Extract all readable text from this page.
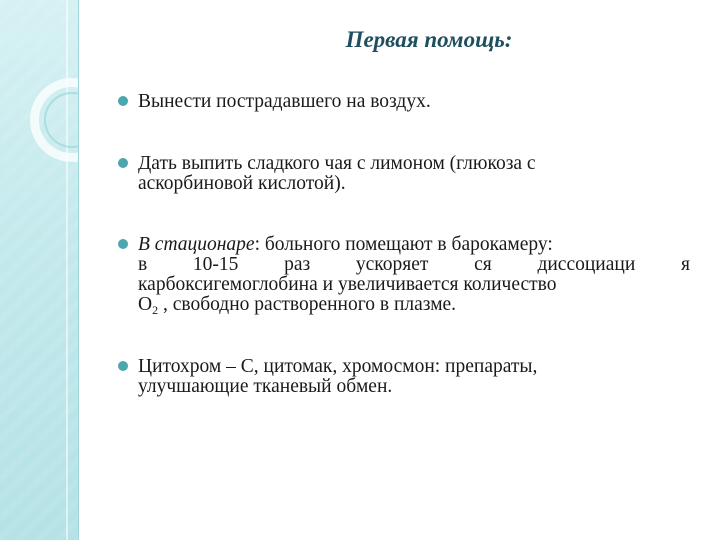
Первая помощь:
Вынести пострадавшего на воздух.
Дать выпить сладкого чая с лимоном (глюкоза с
аскорбиновой кислотой).
В стационаре: больного помещают в барокамеру:
в 10-15 раз ускоряет ся диссоциаци я
карбоксигемоглобина и увеличивается количество
$O_2$ , свободно растворенного в плазме.
Цитохром – С, цитомак, хромосмон: препараты,
улучшающие тканевый обмен.
